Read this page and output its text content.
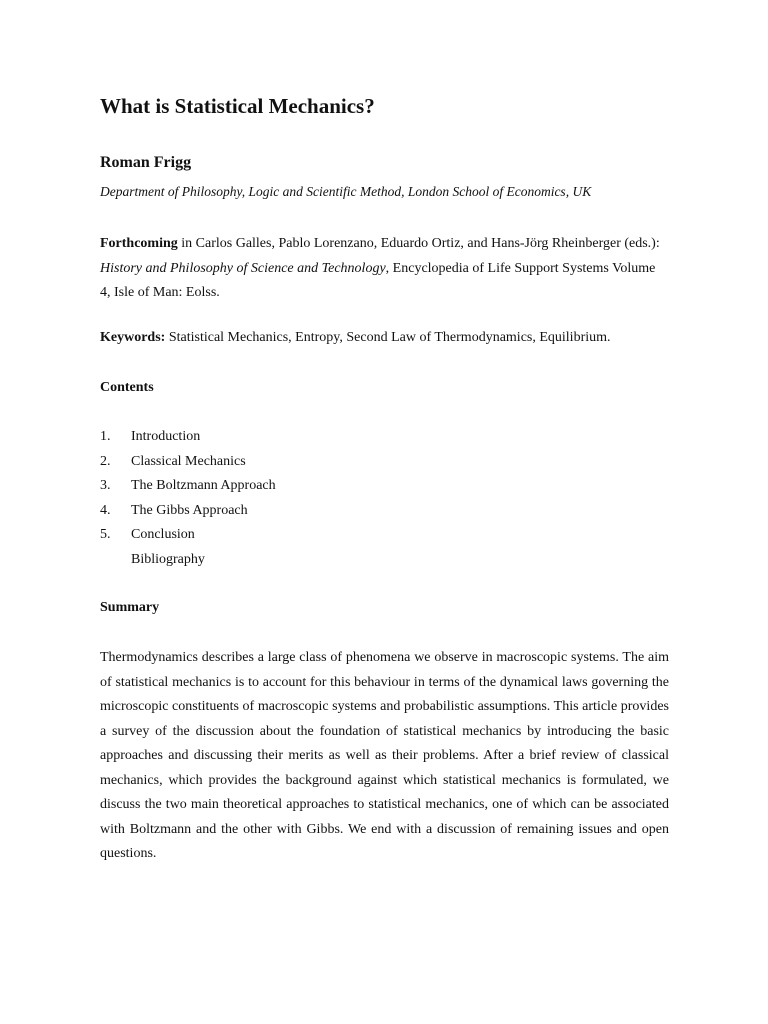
What is Statistical Mechanics?
Roman Frigg
Department of Philosophy, Logic and Scientific Method, London School of Economics, UK
Forthcoming in Carlos Galles, Pablo Lorenzano, Eduardo Ortiz, and Hans-Jörg Rheinberger (eds.): History and Philosophy of Science and Technology, Encyclopedia of Life Support Systems Volume 4, Isle of Man: Eolss.
Keywords: Statistical Mechanics, Entropy, Second Law of Thermodynamics, Equilibrium.
Contents
1. Introduction
2. Classical Mechanics
3. The Boltzmann Approach
4. The Gibbs Approach
5. Conclusion
Bibliography
Summary

Thermodynamics describes a large class of phenomena we observe in macroscopic systems. The aim of statistical mechanics is to account for this behaviour in terms of the dynamical laws governing the microscopic constituents of macroscopic systems and probabilistic assumptions. This article provides a survey of the discussion about the foundation of statistical mechanics by introducing the basic approaches and discussing their merits as well as their problems. After a brief review of classical mechanics, which provides the background against which statistical mechanics is formulated, we discuss the two main theoretical approaches to statistical mechanics, one of which can be associated with Boltzmann and the other with Gibbs. We end with a discussion of remaining issues and open questions.
